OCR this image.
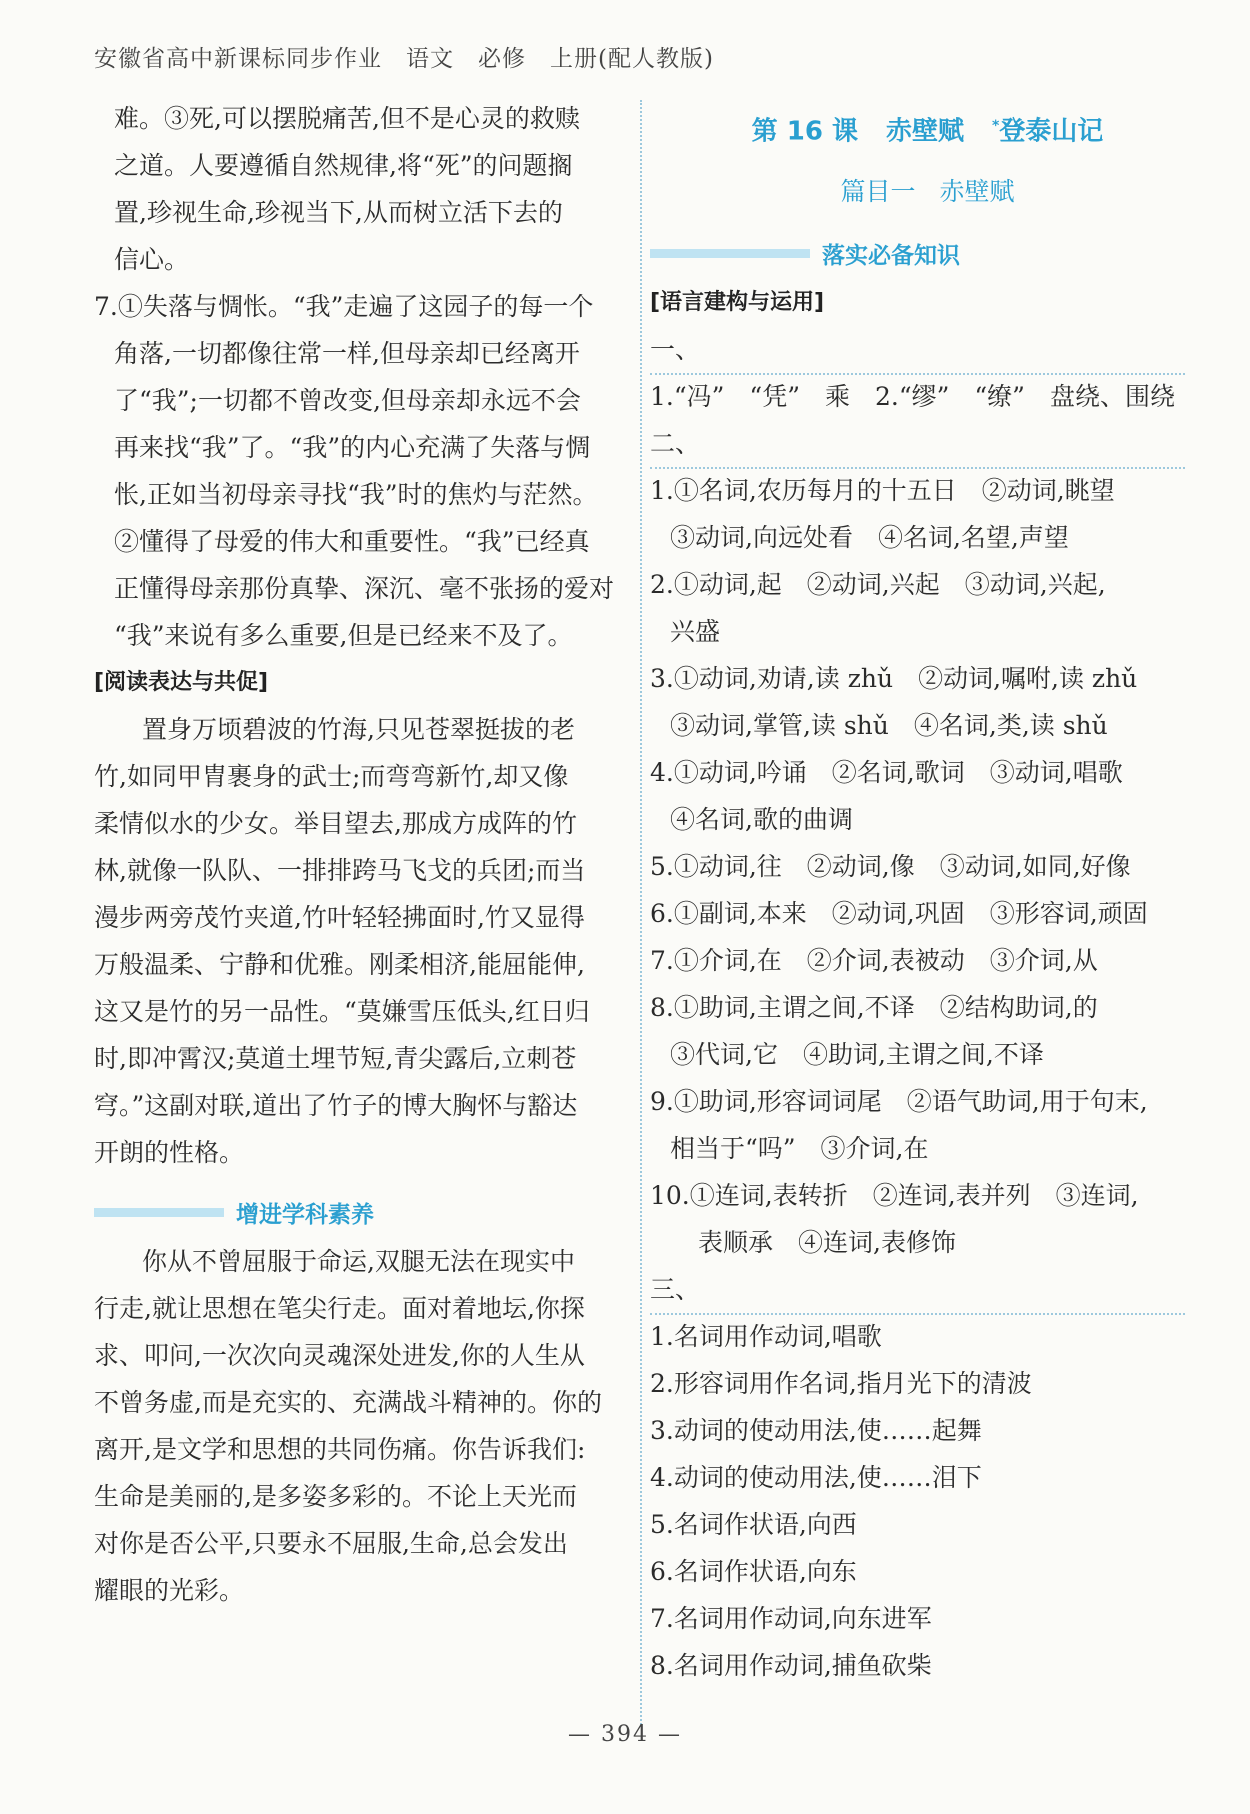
安徽省高中新课标同步作业　语文　必修　上册(配人教版)
难。③死,可以摆脱痛苦,但不是心灵的救赎
之道。人要遵循自然规律,将“死”的问题搁
置,珍视生命,珍视当下,从而树立活下去的
信心。
7.①失落与惆怅。“我”走遍了这园子的每一个
角落,一切都像往常一样,但母亲却已经离开
了“我”;一切都不曾改变,但母亲却永远不会
再来找“我”了。“我”的内心充满了失落与惆
怅,正如当初母亲寻找“我”时的焦灼与茫然。
②懂得了母爱的伟大和重要性。“我”已经真
正懂得母亲那份真挚、深沉、毫不张扬的爱对
“我”来说有多么重要,但是已经来不及了。
[阅读表达与共促]
置身万顷碧波的竹海,只见苍翠挺拔的老
竹,如同甲胄裹身的武士;而弯弯新竹,却又像
柔情似水的少女。举目望去,那成方成阵的竹
林,就像一队队、一排排跨马飞戈的兵团;而当
漫步两旁茂竹夹道,竹叶轻轻拂面时,竹又显得
万般温柔、宁静和优雅。刚柔相济,能屈能伸,
这又是竹的另一品性。“莫嫌雪压低头,红日归
时,即冲霄汉;莫道土埋节短,青尖露后,立刺苍
穹。”这副对联,道出了竹子的博大胸怀与豁达
开朗的性格。
增进学科素养
你从不曾屈服于命运,双腿无法在现实中
行走,就让思想在笔尖行走。面对着地坛,你探
求、叩问,一次次向灵魂深处进发,你的人生从
不曾务虚,而是充实的、充满战斗精神的。你的
离开,是文学和思想的共同伤痛。你告诉我们:
生命是美丽的,是多姿多彩的。不论上天光而
对你是否公平,只要永不屈服,生命,总会发出
耀眼的光彩。
第 16 课 赤壁赋 *登泰山记
篇目一 赤壁赋
落实必备知识
[语言建构与运用]
一、
1.“冯”　“凭”　乘　2.“缪”　“缭”　盘绕、围绕
二、
1.①名词,农历每月的十五日　②动词,眺望
③动词,向远处看　④名词,名望,声望
2.①动词,起　②动词,兴起　③动词,兴起,
兴盛
3.①动词,劝请,读 zhǔ　②动词,嘱咐,读 zhǔ
③动词,掌管,读 shǔ　④名词,类,读 shǔ
4.①动词,吟诵　②名词,歌词　③动词,唱歌
④名词,歌的曲调
5.①动词,往　②动词,像　③动词,如同,好像
6.①副词,本来　②动词,巩固　③形容词,顽固
7.①介词,在　②介词,表被动　③介词,从
8.①助词,主谓之间,不译　②结构助词,的
③代词,它　④助词,主谓之间,不译
9.①助词,形容词词尾　②语气助词,用于句末,
相当于“吗”　③介词,在
10.①连词,表转折　②连词,表并列　③连词,
表顺承　④连词,表修饰
三、
1.名词用作动词,唱歌
2.形容词用作名词,指月光下的清波
3.动词的使动用法,使……起舞
4.动词的使动用法,使……泪下
5.名词作状语,向西
6.名词作状语,向东
7.名词用作动词,向东进军
8.名词用作动词,捕鱼砍柴
— 394 —
